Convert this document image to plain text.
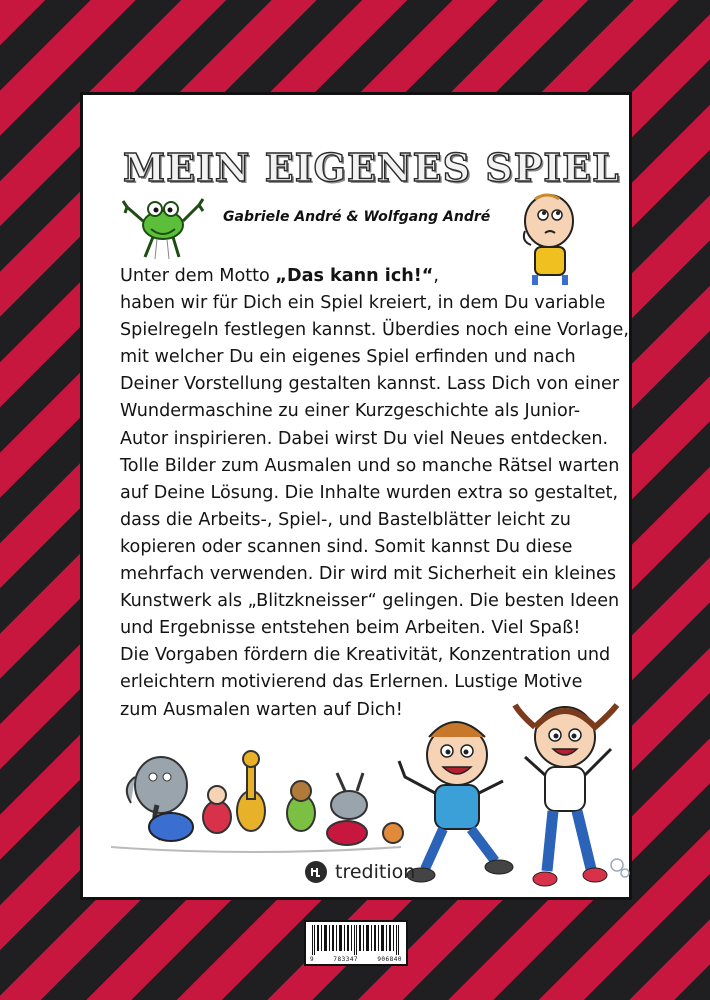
MEIN EIGENES SPIEL
Gabriele André & Wolfgang André

Unter dem Motto „Das kann ich!“,

haben wir für Dich ein Spiel kreiert, in dem Du variable

Spielregeln festlegen kannst. Überdies noch eine Vorlage,

mit welcher Du ein eigenes Spiel erfinden und nach

Deiner Vorstellung gestalten kannst. Lass Dich von einer

Wundermaschine zu einer Kurzgeschichte als Junior-

Autor inspirieren. Dabei wirst Du viel Neues entdecken.

Tolle Bilder zum Ausmalen und so manche Rätsel warten

auf Deine Lösung. Die Inhalte wurden extra so gestaltet,

dass die Arbeits-, Spiel-, und Bastelblätter leicht zu

kopieren oder scannen sind. Somit kannst Du diese

mehrfach verwenden. Dir wird mit Sicherheit ein kleines

Kunstwerk als „Blitzkneisser“ gelingen. Die besten Ideen

und Ergebnisse entstehen beim Arbeiten. Viel Spaß!

Die Vorgaben fördern die Kreativität, Konzentration und

erleichtern motivierend das Erlernen. Lustige Motive

zum Ausmalen warten auf Dich!

tredition
9	783347	906840
